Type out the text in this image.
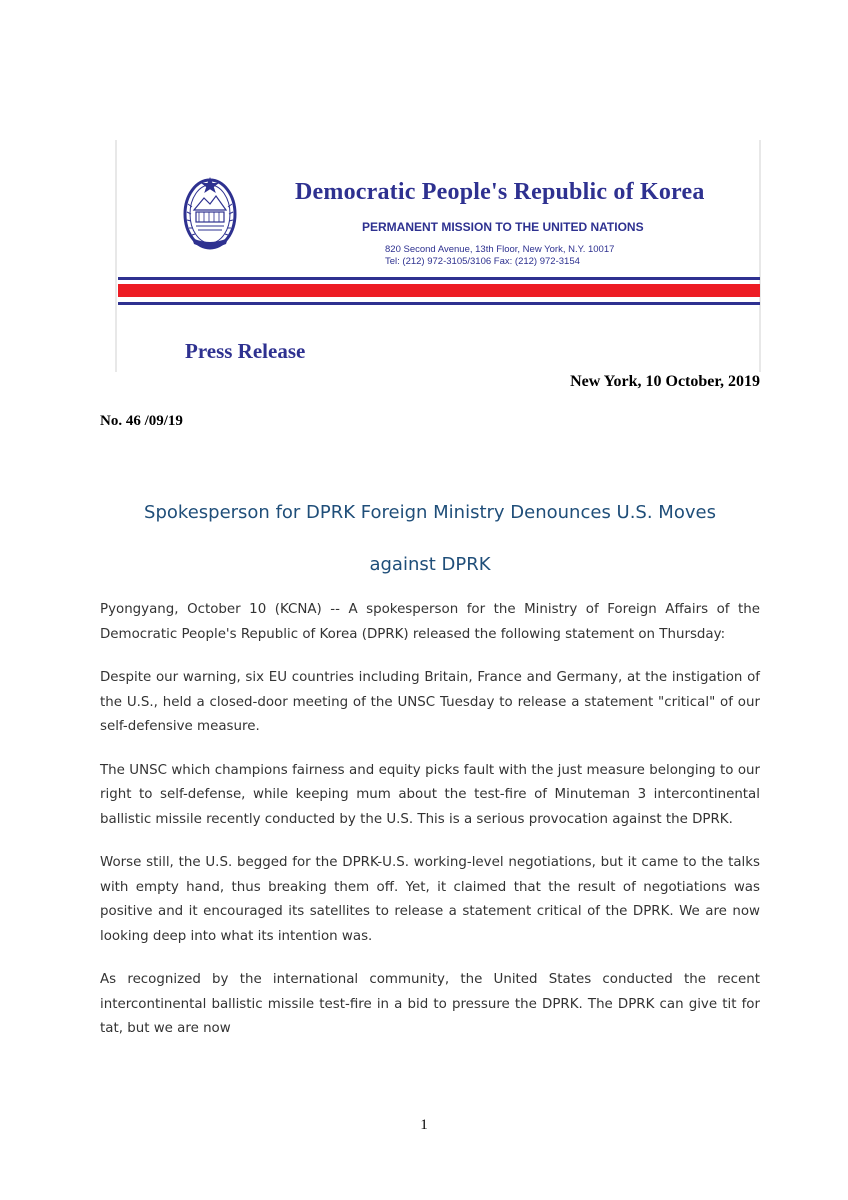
Democratic People's Republic of Korea
PERMANENT MISSION TO THE UNITED NATIONS
820 Second Avenue, 13th Floor, New York, N.Y. 10017
Tel: (212) 972-3105/3106 Fax: (212) 972-3154
Press Release
New York, 10 October, 2019
No. 46 /09/19
Spokesperson for DPRK Foreign Ministry Denounces U.S. Moves
against DPRK

Pyongyang, October 10 (KCNA) -- A spokesperson for the Ministry of Foreign Affairs of the Democratic People's Republic of Korea (DPRK) released the following statement on Thursday:

Despite our warning, six EU countries including Britain, France and Germany, at the instigation of the U.S., held a closed-door meeting of the UNSC Tuesday to release a statement "critical" of our self-defensive measure.

The UNSC which champions fairness and equity picks fault with the just measure belonging to our right to self-defense, while keeping mum about the test-fire of Minuteman 3 intercontinental ballistic missile recently conducted by the U.S. This is a serious provocation against the DPRK.

Worse still, the U.S. begged for the DPRK-U.S. working-level negotiations, but it came to the talks with empty hand, thus breaking them off. Yet, it claimed that the result of negotiations was positive and it encouraged its satellites to release a statement critical of the DPRK. We are now looking deep into what its intention was.

As recognized by the international community, the United States conducted the recent intercontinental ballistic missile test-fire in a bid to pressure the DPRK. The DPRK can give tit for tat, but we are now

1
